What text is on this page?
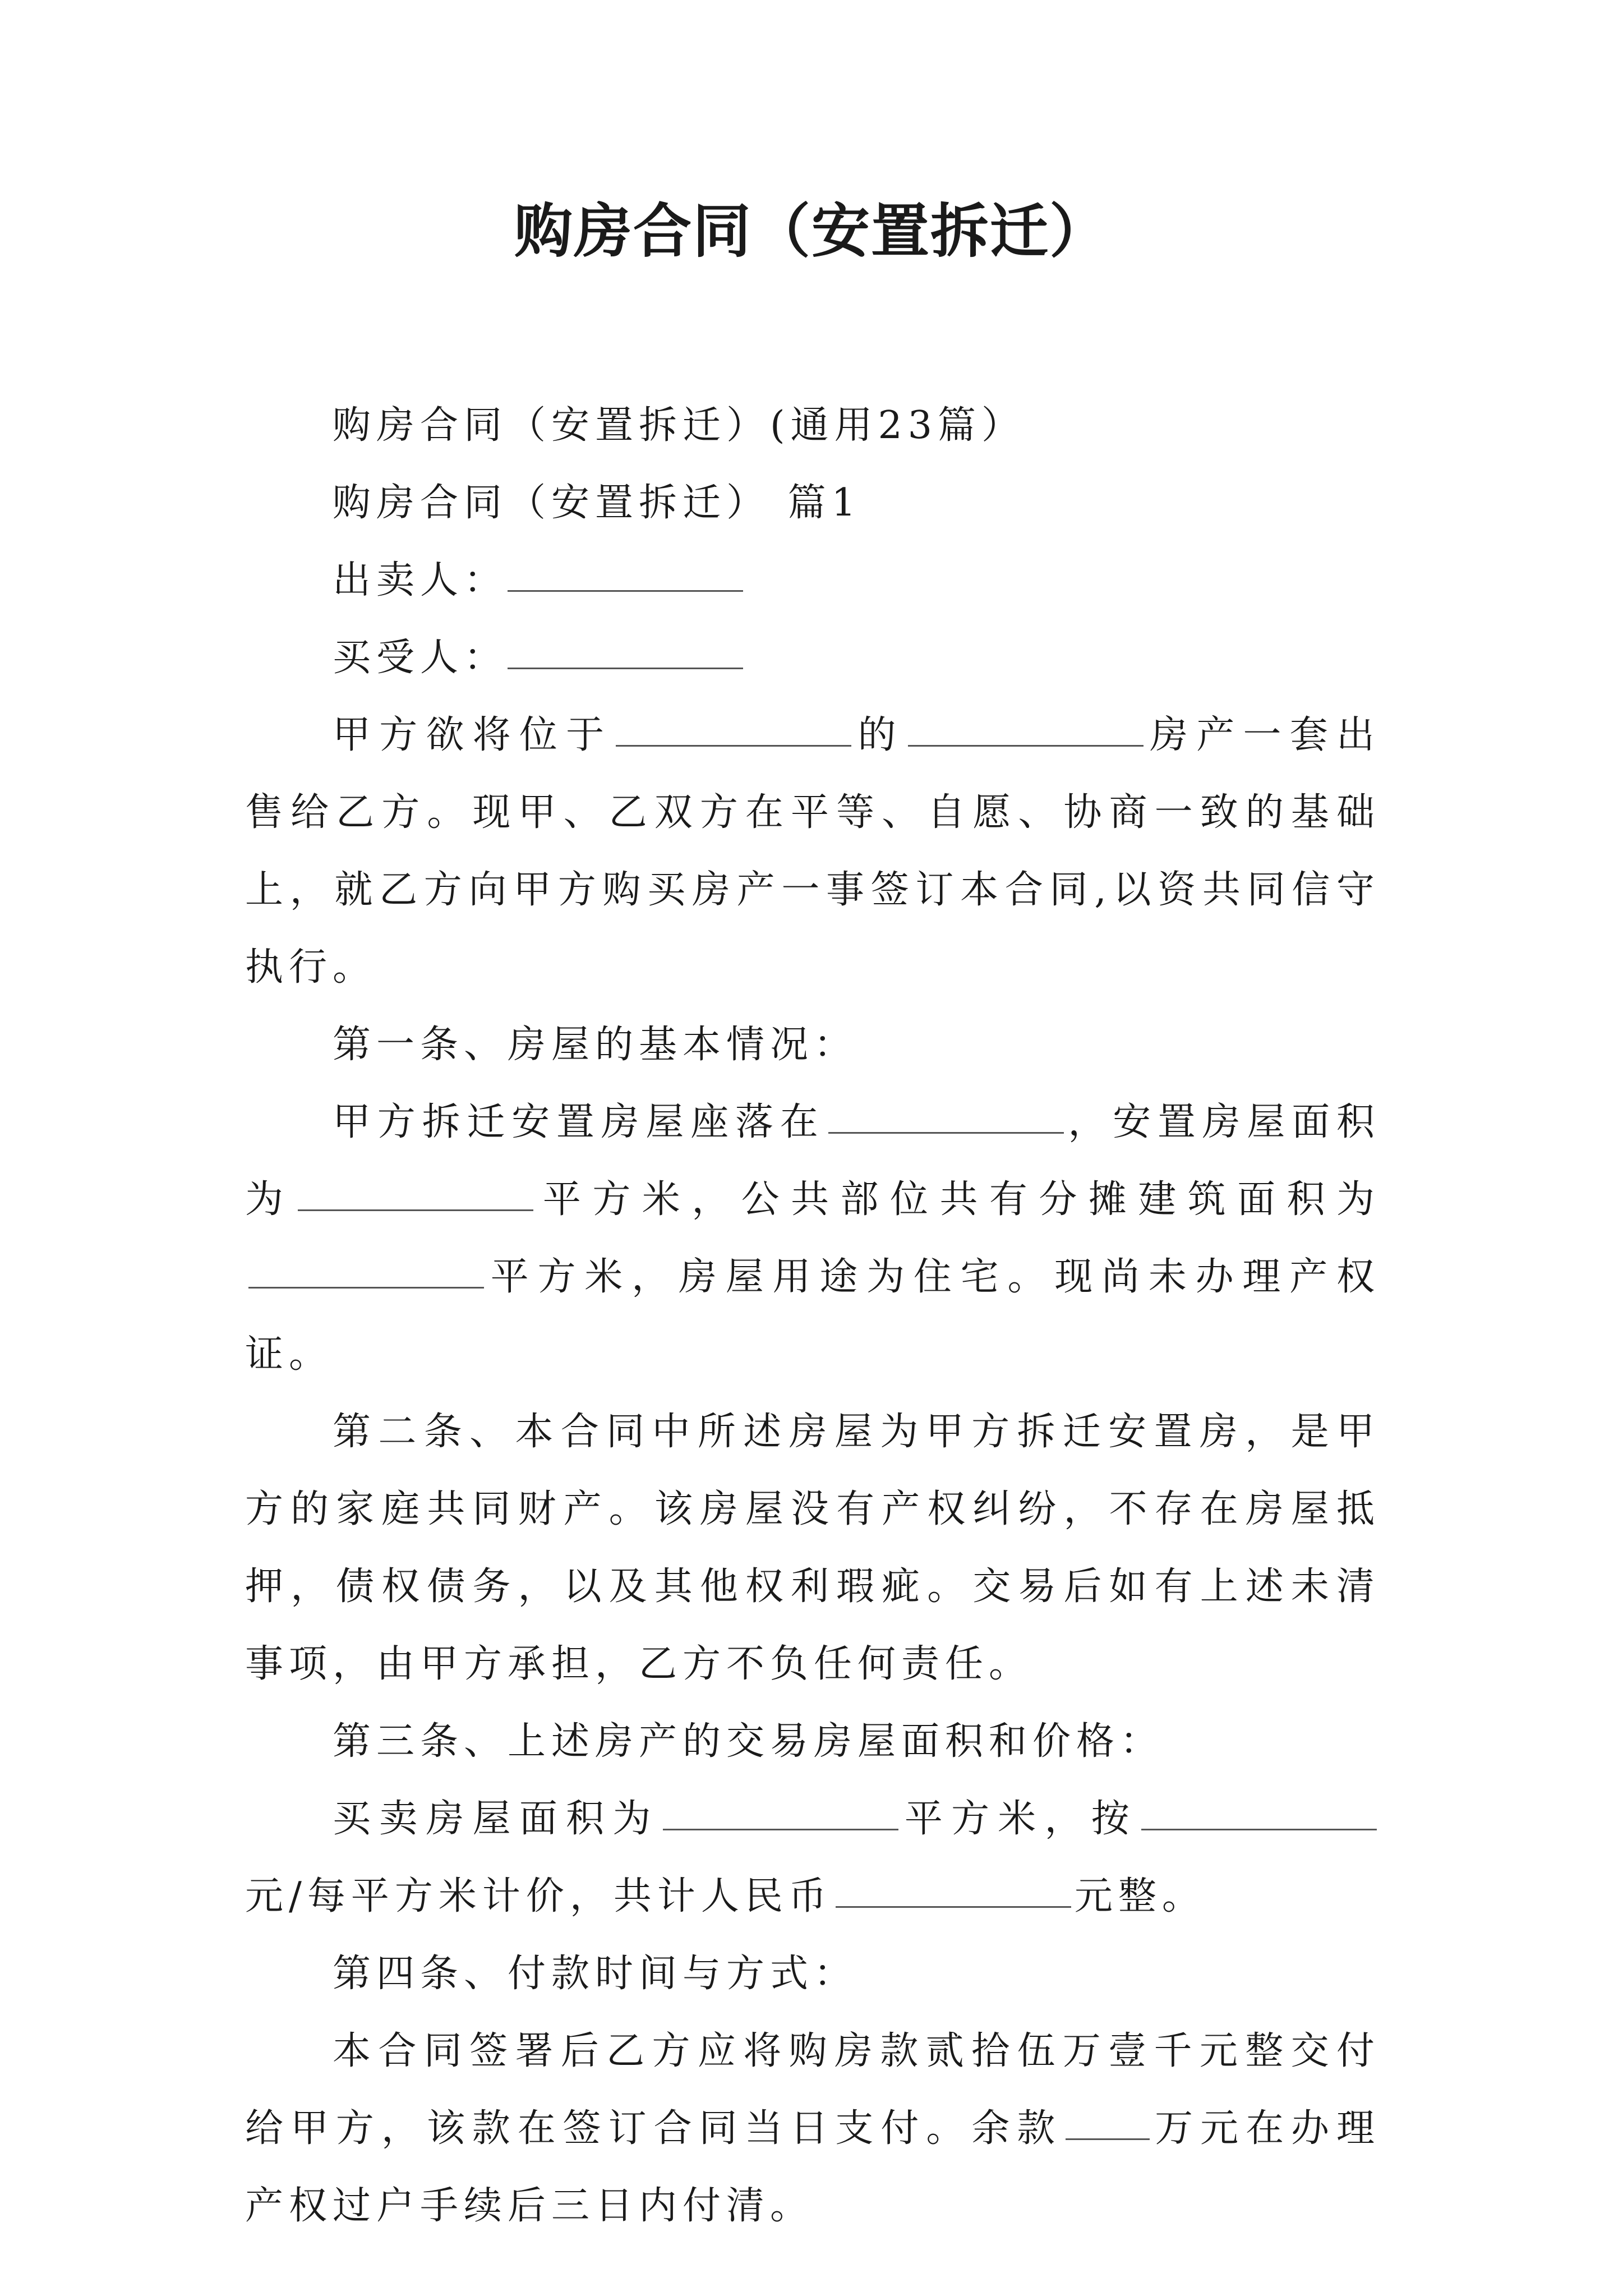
购房合同（安置拆迁）

购房合同（安置拆迁）(通用23篇）

购房合同（安置拆迁） 篇1

出卖人：

买受人：

甲方欲将位于	的	房产一套出售给乙方。现甲、乙双方在平等、自愿、协商一致的基础上，就乙方向甲方购买房产一事签订本合同,以资共同信守执行。

第一条、房屋的基本情况：

甲方拆迁安置房屋座落在	，安置房屋面积为	平方米，公共部位共有分摊建筑面积为平方米，房屋用途为住宅。现尚未办理产权证。

第二条、本合同中所述房屋为甲方拆迁安置房，是甲方的家庭共同财产。该房屋没有产权纠纷，不存在房屋抵押，债权债务，以及其他权利瑕疵。交易后如有上述未清事项，由甲方承担，乙方不负任何责任。

第三条、上述房产的交易房屋面积和价格：

买卖房屋面积为	平方米，按元/每平方米计价，共计人民币	元整。

第四条、付款时间与方式：

本合同签署后乙方应将购房款贰拾伍万壹千元整交付给甲方，该款在签订合同当日支付。余款 万元在办理产权过户手续后三日内付清。
